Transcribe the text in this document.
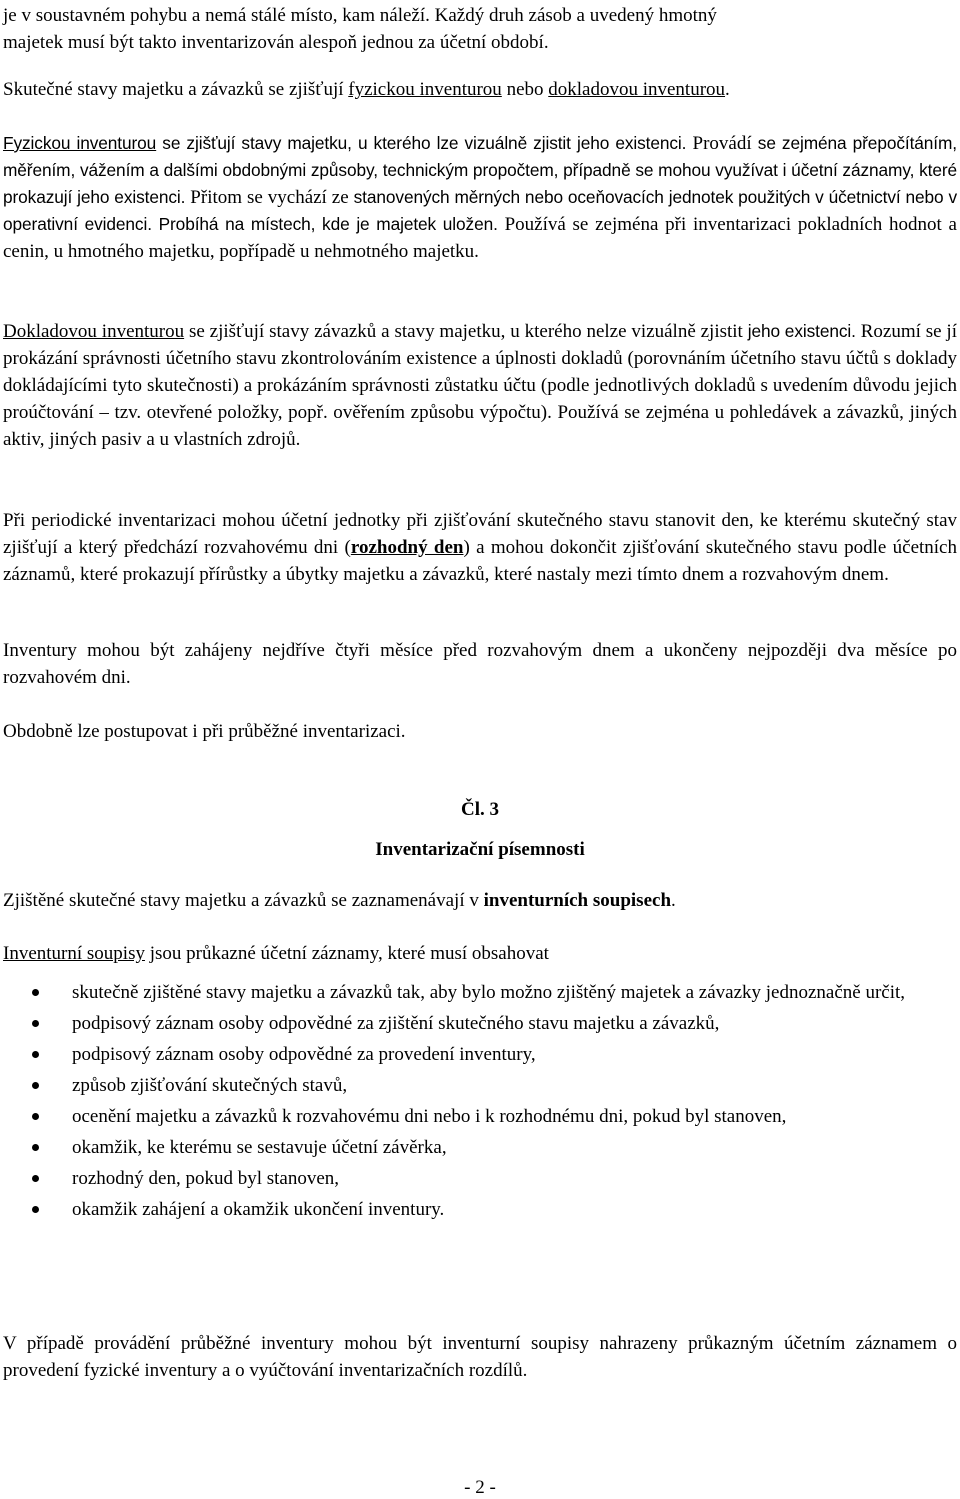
je v soustavném pohybu a nemá stálé místo, kam náleží. Každý druh zásob a uvedený hmotný
majetek musí být takto inventarizován alespoň jednou za účetní období.

Skutečné stavy majetku a závazků se zjišťují fyzickou inventurou nebo dokladovou inventurou.

Fyzickou inventurou se zjišťují stavy majetku, u kterého lze vizuálně zjistit jeho existenci. Provádí se zejména přepočítáním, měřením, vážením a dalšími obdobnými způsoby, technickým propočtem, případně se mohou využívat i účetní záznamy, které prokazují jeho existenci. Přitom se vychází ze stanovených měrných nebo oceňovacích jednotek použitých v účetnictví nebo v operativní evidenci. Probíhá na místech, kde je majetek uložen. Používá se zejména při inventarizaci pokladních hodnot a cenin, u hmotného majetku, popřípadě u nehmotného majetku.

Dokladovou inventurou se zjišťují stavy závazků a stavy majetku, u kterého nelze vizuálně zjistit jeho existenci. Rozumí se jí prokázání správnosti účetního stavu zkontrolováním existence a úplnosti dokladů (porovnáním účetního stavu účtů s doklady dokládajícími tyto skutečnosti) a prokázáním správnosti zůstatku účtu (podle jednotlivých dokladů s uvedením důvodu jejich proúčtování – tzv. otevřené položky, popř. ověřením způsobu výpočtu). Používá se zejména u pohledávek a závazků, jiných aktiv, jiných pasiv a u vlastních zdrojů.

Při periodické inventarizaci mohou účetní jednotky při zjišťování skutečného stavu stanovit den, ke kterému skutečný stav zjišťují a který předchází rozvahovému dni (rozhodný den) a mohou dokončit zjišťování skutečného stavu podle účetních záznamů, které prokazují přírůstky a úbytky majetku a závazků, které nastaly mezi tímto dnem a rozvahovým dnem.

Inventury mohou být zahájeny nejdříve čtyři měsíce před rozvahovým dnem a ukončeny nejpozději dva měsíce po rozvahovém dni.

Obdobně lze postupovat i při průběžné inventarizaci.

Čl. 3

Inventarizační písemnosti

Zjištěné skutečné stavy majetku a závazků se zaznamenávají v inventurních soupisech.

Inventurní soupisy jsou průkazné účetní záznamy, které musí obsahovat

skutečně zjištěné stavy majetku a závazků tak, aby bylo možno zjištěný majetek a závazky jednoznačně určit,
podpisový záznam osoby odpovědné za zjištění skutečného stavu majetku a závazků,
podpisový záznam osoby odpovědné za provedení inventury,
způsob zjišťování skutečných stavů,
ocenění majetku a závazků k rozvahovému dni nebo i k rozhodnému dni, pokud byl stanoven,
okamžik, ke kterému se sestavuje účetní závěrka,
rozhodný den, pokud byl stanoven,
okamžik zahájení a okamžik ukončení inventury.

V případě provádění průběžné inventury mohou být inventurní soupisy nahrazeny průkazným účetním záznamem o provedení fyzické inventury a o vyúčtování inventarizačních rozdílů.

- 2 -
